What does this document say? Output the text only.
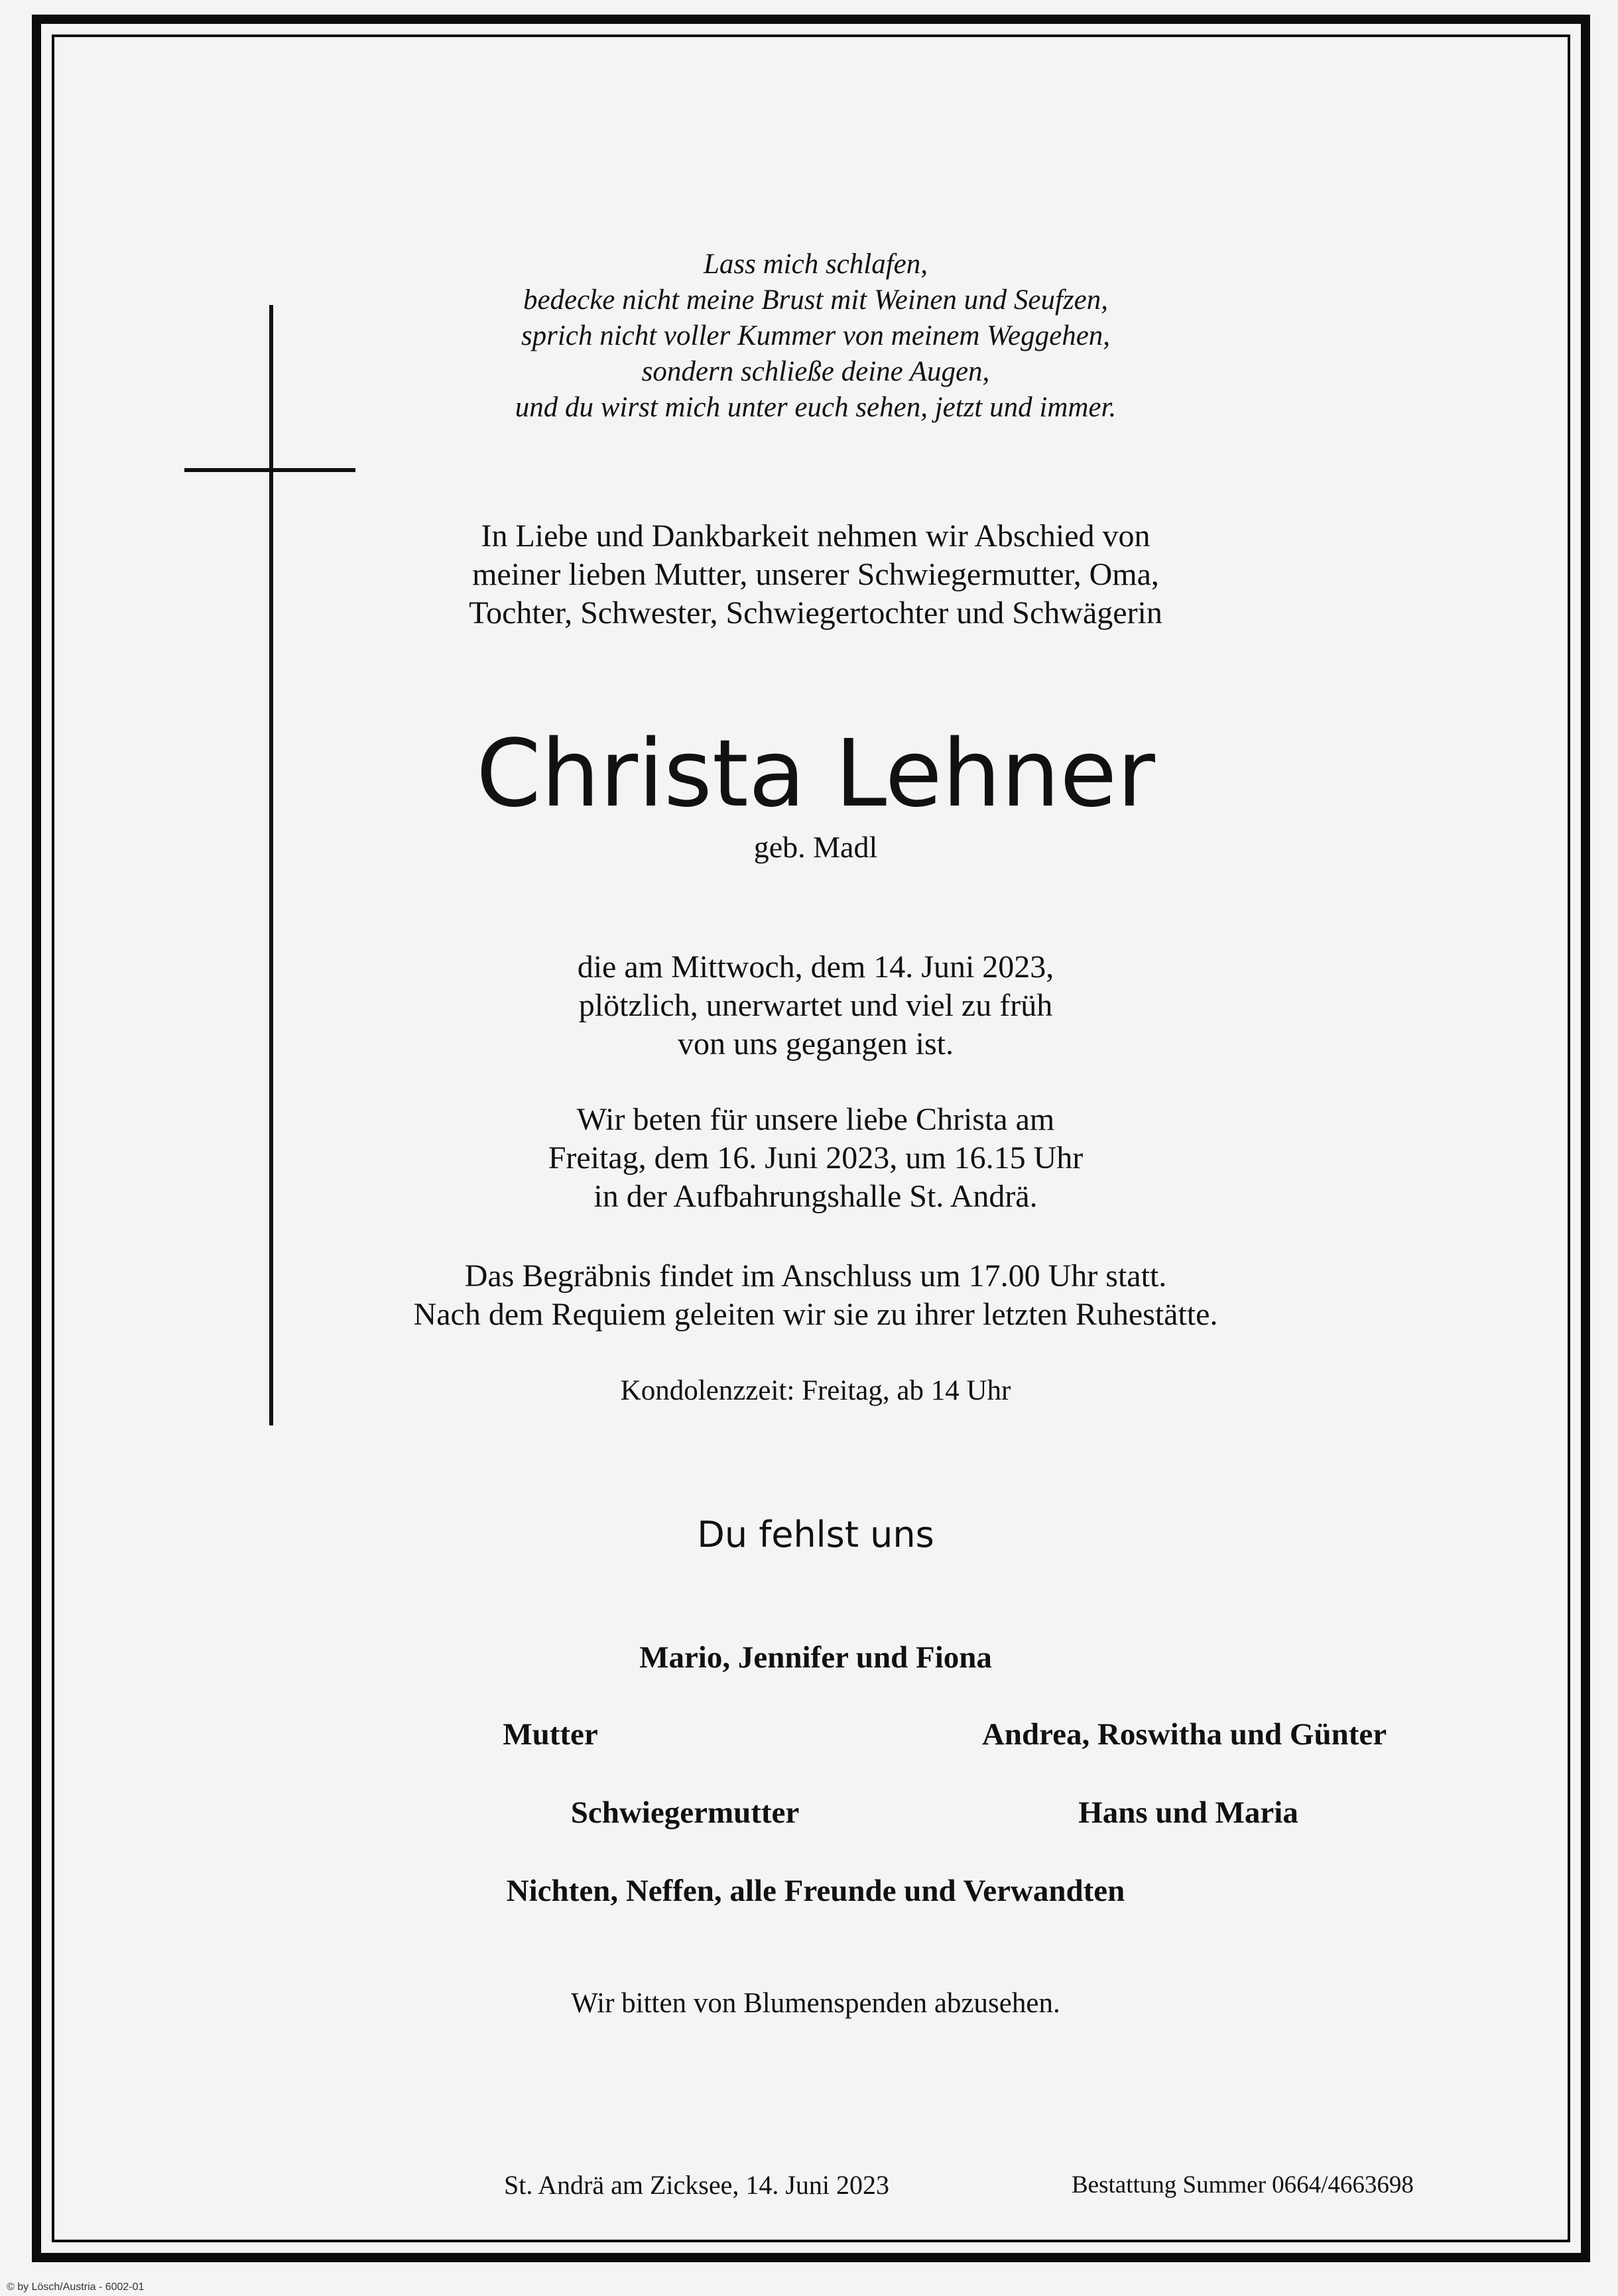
Lass mich schlafen,
bedecke nicht meine Brust mit Weinen und Seufzen,
sprich nicht voller Kummer von meinem Weggehen,
sondern schließe deine Augen,
und du wirst mich unter euch sehen, jetzt und immer.
In Liebe und Dankbarkeit nehmen wir Abschied von
meiner lieben Mutter, unserer Schwiegermutter, Oma,
Tochter, Schwester, Schwiegertochter und Schwägerin
Christa Lehner
geb. Madl
die am Mittwoch, dem 14. Juni 2023,
plötzlich, unerwartet und viel zu früh
von uns gegangen ist.
Wir beten für unsere liebe Christa am
Freitag, dem 16. Juni 2023, um 16.15 Uhr
in der Aufbahrungshalle St. Andrä.
Das Begräbnis findet im Anschluss um 17.00 Uhr statt.
Nach dem Requiem geleiten wir sie zu ihrer letzten Ruhestätte.
Kondolenzzeit: Freitag, ab 14 Uhr
Du fehlst uns
Mario, Jennifer und Fiona
Mutter	Andrea, Roswitha und Günter
Schwiegermutter	Hans und Maria
Nichten, Neffen, alle Freunde und Verwandten
Wir bitten von Blumenspenden abzusehen.
St. Andrä am Zicksee, 14. Juni 2023	Bestattung Summer 0664/4663698
© by Lösch/Austria - 6002-01
